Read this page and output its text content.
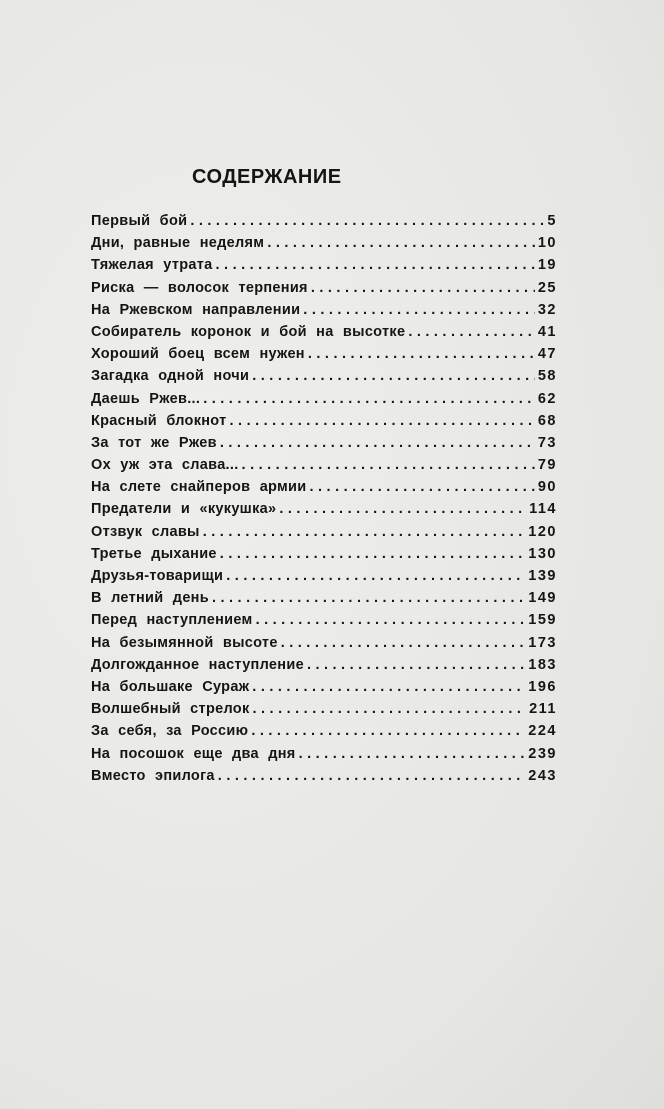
СОДЕРЖАНИЕ
Первый бой .....	5
Дни, равные неделям .....	10
Тяжелая утрата .....	19
Риска — волосок терпения .....	25
На Ржевском направлении .....	32
Собиратель коронок и бой на высотке .....	41
Хороший боец всем нужен .....	47
Загадка одной ночи .....	58
Даешь Ржев... .....	62
Красный блокнот .....	68
За тот же Ржев .....	73
Ох уж эта слава... .....	79
На слете снайперов армии .....	90
Предатели и «кукушка» .....	114
Отзвук славы .....	120
Третье дыхание .....	130
Друзья-товарищи .....	139
В летний день .....	149
Перед наступлением .....	159
На безымянной высоте .....	173
Долгожданное наступление .....	183
На большаке Сураж .....	196
Волшебный стрелок .....	211
За себя, за Россию .....	224
На посошок еще два дня .....	239
Вместо эпилога .....	243
